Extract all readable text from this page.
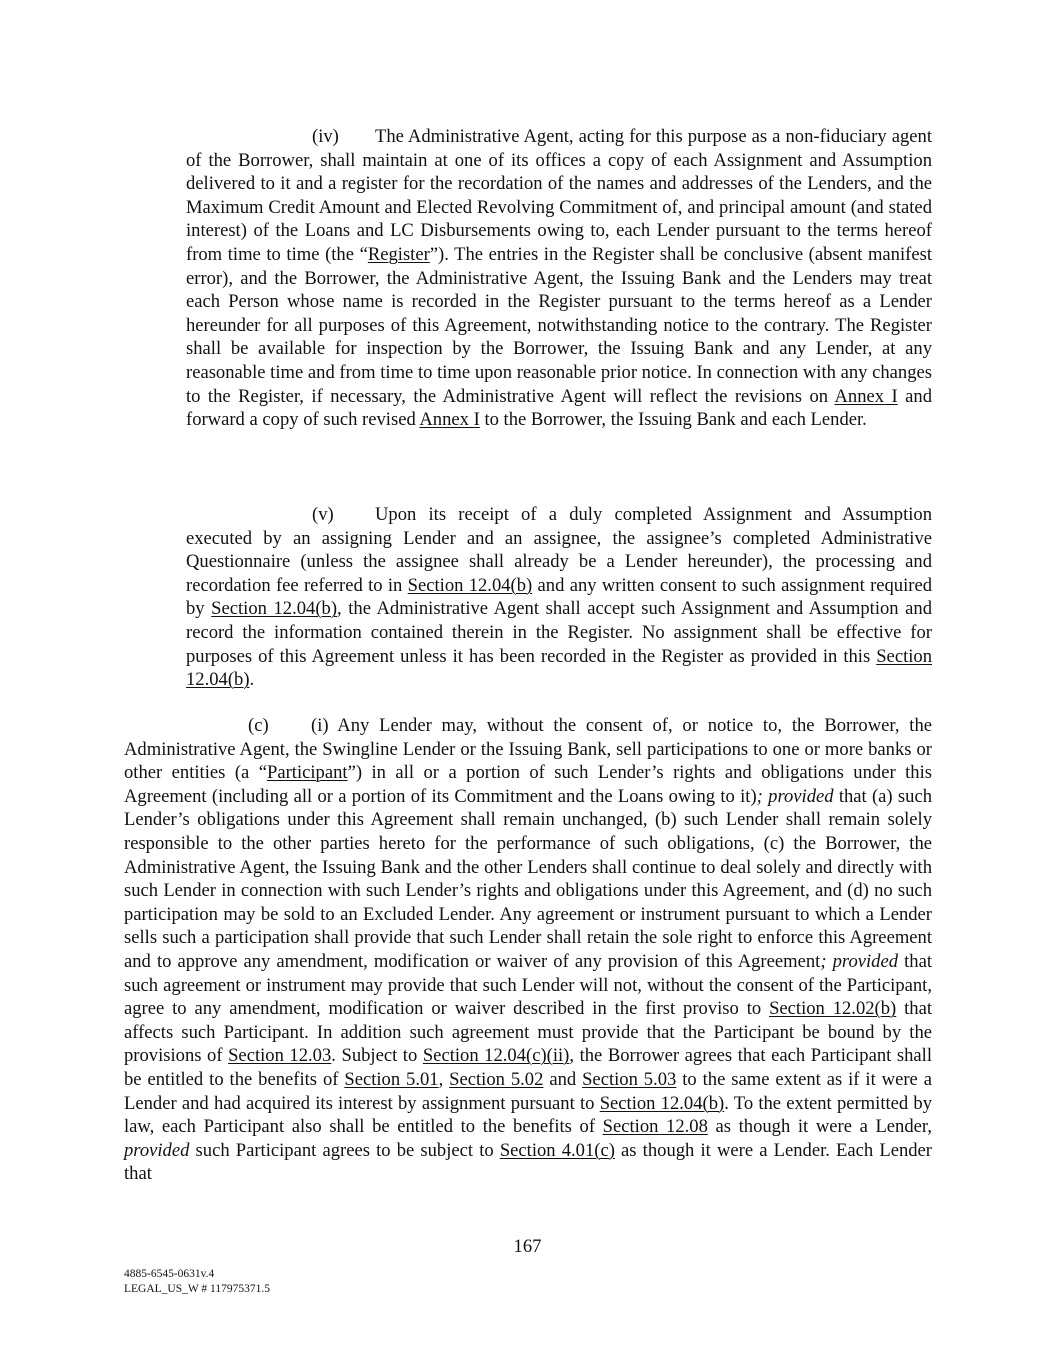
(iv) The Administrative Agent, acting for this purpose as a non-fiduciary agent of the Borrower, shall maintain at one of its offices a copy of each Assignment and Assumption delivered to it and a register for the recordation of the names and addresses of the Lenders, and the Maximum Credit Amount and Elected Revolving Commitment of, and principal amount (and stated interest) of the Loans and LC Disbursements owing to, each Lender pursuant to the terms hereof from time to time (the “Register”). The entries in the Register shall be conclusive (absent manifest error), and the Borrower, the Administrative Agent, the Issuing Bank and the Lenders may treat each Person whose name is recorded in the Register pursuant to the terms hereof as a Lender hereunder for all purposes of this Agreement, notwithstanding notice to the contrary. The Register shall be available for inspection by the Borrower, the Issuing Bank and any Lender, at any reasonable time and from time to time upon reasonable prior notice. In connection with any changes to the Register, if necessary, the Administrative Agent will reflect the revisions on Annex I and forward a copy of such revised Annex I to the Borrower, the Issuing Bank and each Lender.

(v) Upon its receipt of a duly completed Assignment and Assumption executed by an assigning Lender and an assignee, the assignee’s completed Administrative Questionnaire (unless the assignee shall already be a Lender hereunder), the processing and recordation fee referred to in Section 12.04(b) and any written consent to such assignment required by Section 12.04(b), the Administrative Agent shall accept such Assignment and Assumption and record the information contained therein in the Register. No assignment shall be effective for purposes of this Agreement unless it has been recorded in the Register as provided in this Section 12.04(b).

(c) (i) Any Lender may, without the consent of, or notice to, the Borrower, the Administrative Agent, the Swingline Lender or the Issuing Bank, sell participations to one or more banks or other entities (a “Participant”) in all or a portion of such Lender’s rights and obligations under this Agreement (including all or a portion of its Commitment and the Loans owing to it); provided that (a) such Lender’s obligations under this Agreement shall remain unchanged, (b) such Lender shall remain solely responsible to the other parties hereto for the performance of such obligations, (c) the Borrower, the Administrative Agent, the Issuing Bank and the other Lenders shall continue to deal solely and directly with such Lender in connection with such Lender’s rights and obligations under this Agreement, and (d) no such participation may be sold to an Excluded Lender. Any agreement or instrument pursuant to which a Lender sells such a participation shall provide that such Lender shall retain the sole right to enforce this Agreement and to approve any amendment, modification or waiver of any provision of this Agreement; provided that such agreement or instrument may provide that such Lender will not, without the consent of the Participant, agree to any amendment, modification or waiver described in the first proviso to Section 12.02(b) that affects such Participant. In addition such agreement must provide that the Participant be bound by the provisions of Section 12.03. Subject to Section 12.04(c)(ii), the Borrower agrees that each Participant shall be entitled to the benefits of Section 5.01, Section 5.02 and Section 5.03 to the same extent as if it were a Lender and had acquired its interest by assignment pursuant to Section 12.04(b). To the extent permitted by law, each Participant also shall be entitled to the benefits of Section 12.08 as though it were a Lender, provided such Participant agrees to be subject to Section 4.01(c) as though it were a Lender. Each Lender that

167
4885-6545-0631v.4
LEGAL_US_W # 117975371.5
